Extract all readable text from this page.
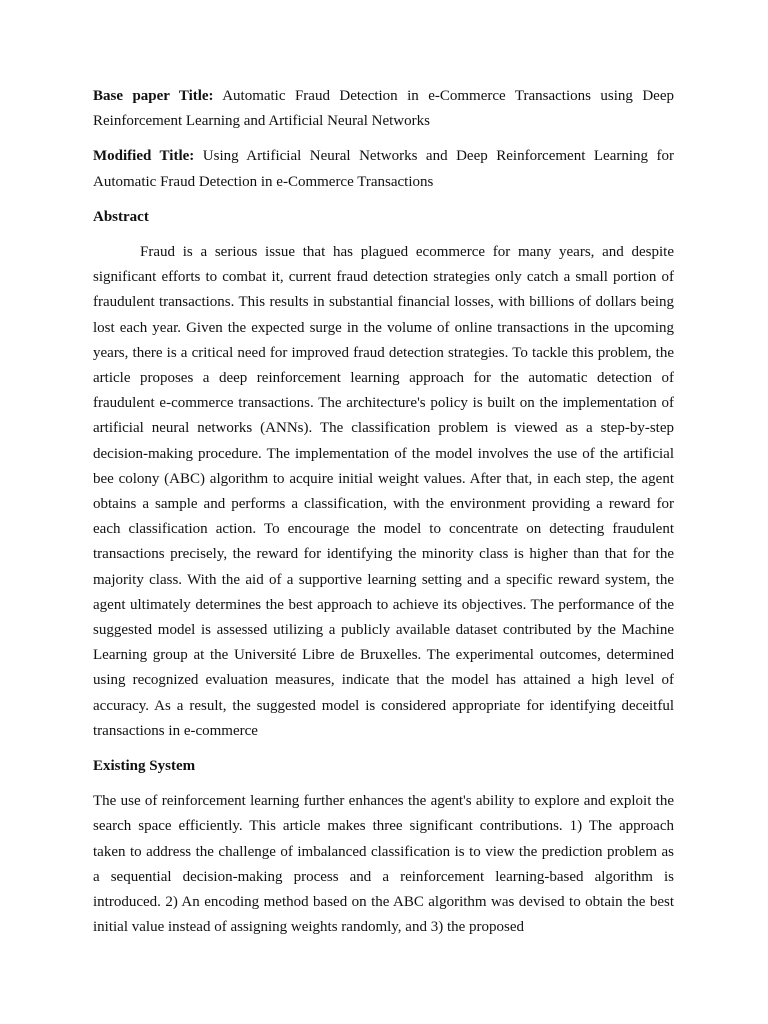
Base paper Title: Automatic Fraud Detection in e-Commerce Transactions using Deep Reinforcement Learning and Artificial Neural Networks

Modified Title: Using Artificial Neural Networks and Deep Reinforcement Learning for Automatic Fraud Detection in e-Commerce Transactions

Abstract

Fraud is a serious issue that has plagued ecommerce for many years, and despite significant efforts to combat it, current fraud detection strategies only catch a small portion of fraudulent transactions. This results in substantial financial losses, with billions of dollars being lost each year. Given the expected surge in the volume of online transactions in the upcoming years, there is a critical need for improved fraud detection strategies. To tackle this problem, the article proposes a deep reinforcement learning approach for the automatic detection of fraudulent e-commerce transactions. The architecture's policy is built on the implementation of artificial neural networks (ANNs). The classification problem is viewed as a step-by-step decision-making procedure. The implementation of the model involves the use of the artificial bee colony (ABC) algorithm to acquire initial weight values. After that, in each step, the agent obtains a sample and performs a classification, with the environment providing a reward for each classification action. To encourage the model to concentrate on detecting fraudulent transactions precisely, the reward for identifying the minority class is higher than that for the majority class. With the aid of a supportive learning setting and a specific reward system, the agent ultimately determines the best approach to achieve its objectives. The performance of the suggested model is assessed utilizing a publicly available dataset contributed by the Machine Learning group at the Université Libre de Bruxelles. The experimental outcomes, determined using recognized evaluation measures, indicate that the model has attained a high level of accuracy. As a result, the suggested model is considered appropriate for identifying deceitful transactions in e-commerce

Existing System

The use of reinforcement learning further enhances the agent's ability to explore and exploit the search space efficiently. This article makes three significant contributions. 1) The approach taken to address the challenge of imbalanced classification is to view the prediction problem as a sequential decision-making process and a reinforcement learning-based algorithm is introduced. 2) An encoding method based on the ABC algorithm was devised to obtain the best initial value instead of assigning weights randomly, and 3) the proposed
